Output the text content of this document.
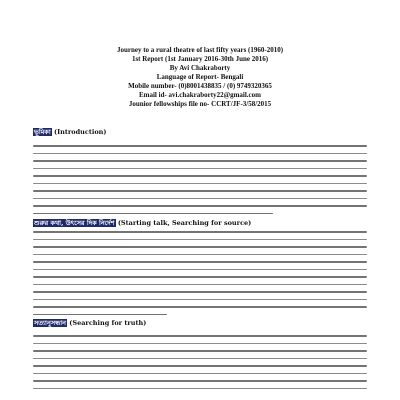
Journey to a rural theatre of last fifty years (1960-2010)
1st Report (1st January 2016-30th June 2016)
By Avi Chakraborty
Language of Report- Bengali
Mobile number- (0)8001438835 / (0) 9749320365
Email id- avi.chakraborty22@gmail.com
Jounior fellowships file no- CCRT/JF-3/58/2015
ভূমিকা (Introduction)
শুরুর কথা, উৎসের দিক নির্দেশ (Starting talk, Searching for source)
সত্যানুসন্ধান (Searching for truth)
